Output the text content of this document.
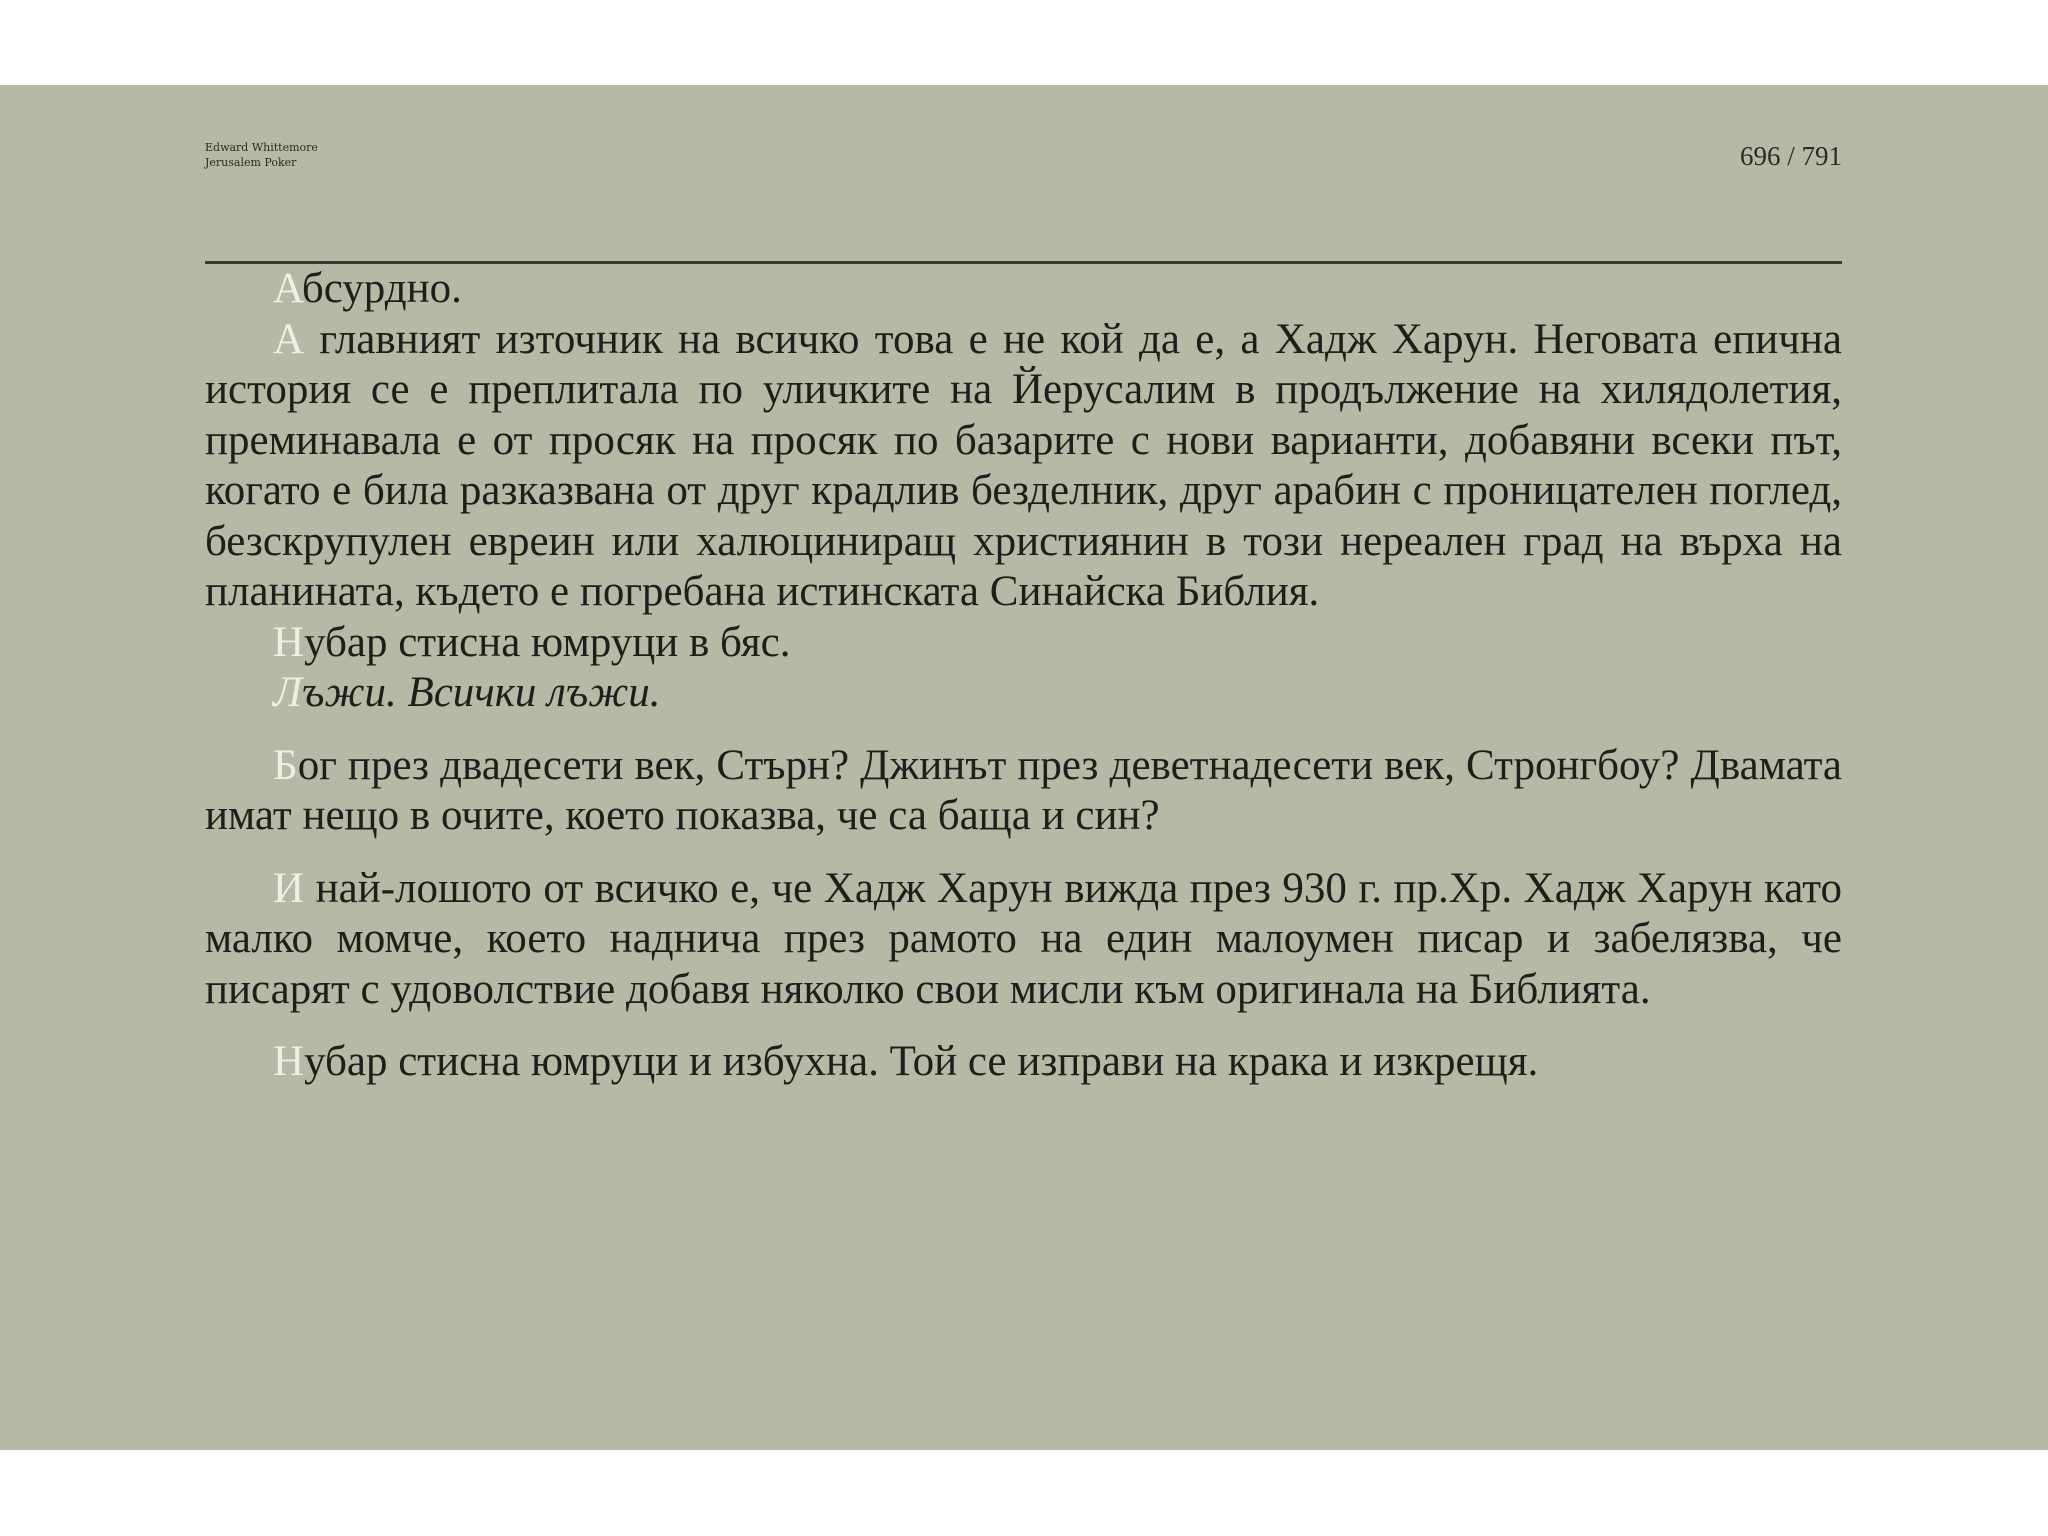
Edward Whittemore
Jerusalem Poker	696 / 791

Абсурдно.

А главният източник на всичко това е не кой да е, а Хадж Харун. Неговата епична история се е преплитала по уличките на Йерусалим в продължение на хилядолетия, преминавала е от просяк на просяк по базарите с нови варианти, добавяни всеки път, когато е била разказвана от друг крадлив безделник, друг арабин с проницателен поглед, безскрупулен евреин или халюциниращ християнин в този нереален град на върха на планината, където е погребана истинската Синайска Библия.

Нубар стисна юмруци в бяс.

Лъжи. Всички лъжи.

Бог през двадесети век, Стърн? Джинът през деветнадесети век, Стронгбоу? Двамата имат нещо в очите, което показва, че са баща и син?

И най-лошото от всичко е, че Хадж Харун вижда през 930 г. пр.Хр. Хадж Харун като малко момче, което надничa през рамото на един малоумен писар и забелязва, че писарят с удоволствие добавя няколко свои мисли към оригинала на Библията.

Нубар стисна юмруци и избухна. Той се изправи на крака и изкрещя.
